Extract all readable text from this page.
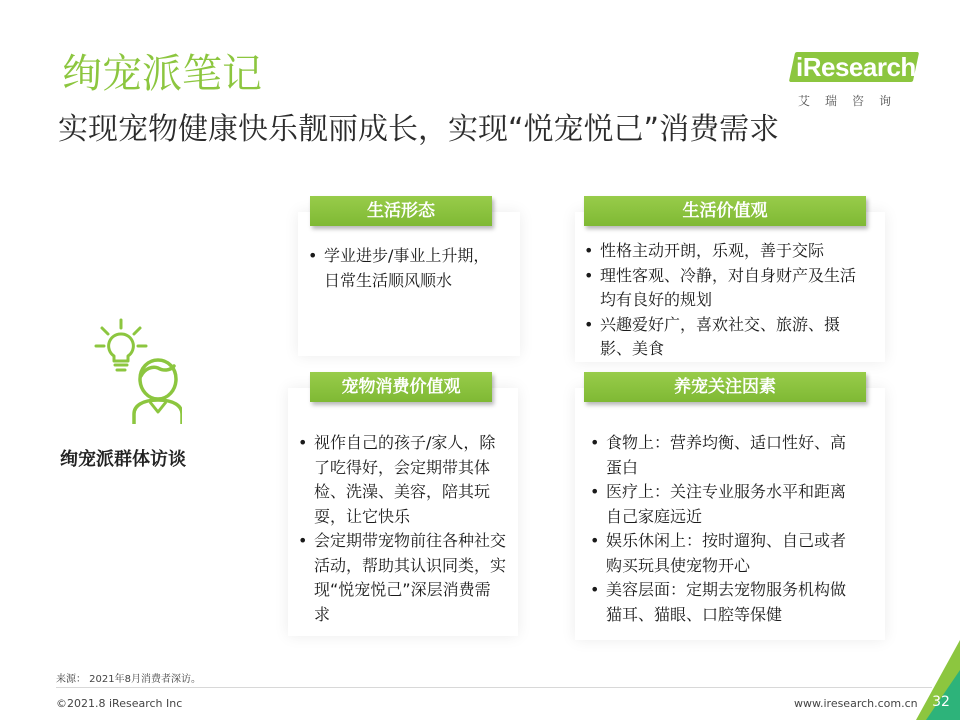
绚宠派笔记
实现宠物健康快乐靓丽成长，实现“悦宠悦己”消费需求
iResearch
艾瑞咨询
绚宠派群体访谈
生活形态
• 学业进步/事业上升期，
日常生活顺风顺水
生活价值观
• 性格主动开朗，乐观，善于交际
• 理性客观、冷静，对自身财产及生活均有良好的规划
• 兴趣爱好广，喜欢社交、旅游、摄影、美食
宠物消费价值观
• 视作自己的孩子/家人，除了吃得好，会定期带其体检、洗澡、美容，陪其玩耍，让它快乐
• 会定期带宠物前往各种社交活动，帮助其认识同类，实现“悦宠悦己”深层消费需求
养宠关注因素
• 食物上：营养均衡、适口性好、高蛋白
• 医疗上：关注专业服务水平和距离自己家庭远近
• 娱乐休闲上：按时遛狗、自己或者购买玩具使宠物开心
• 美容层面：定期去宠物服务机构做猫耳、猫眼、口腔等保健
来源： 2021年8月消费者深访。
©2021.8 iResearch Inc	www.iresearch.com.cn	32
